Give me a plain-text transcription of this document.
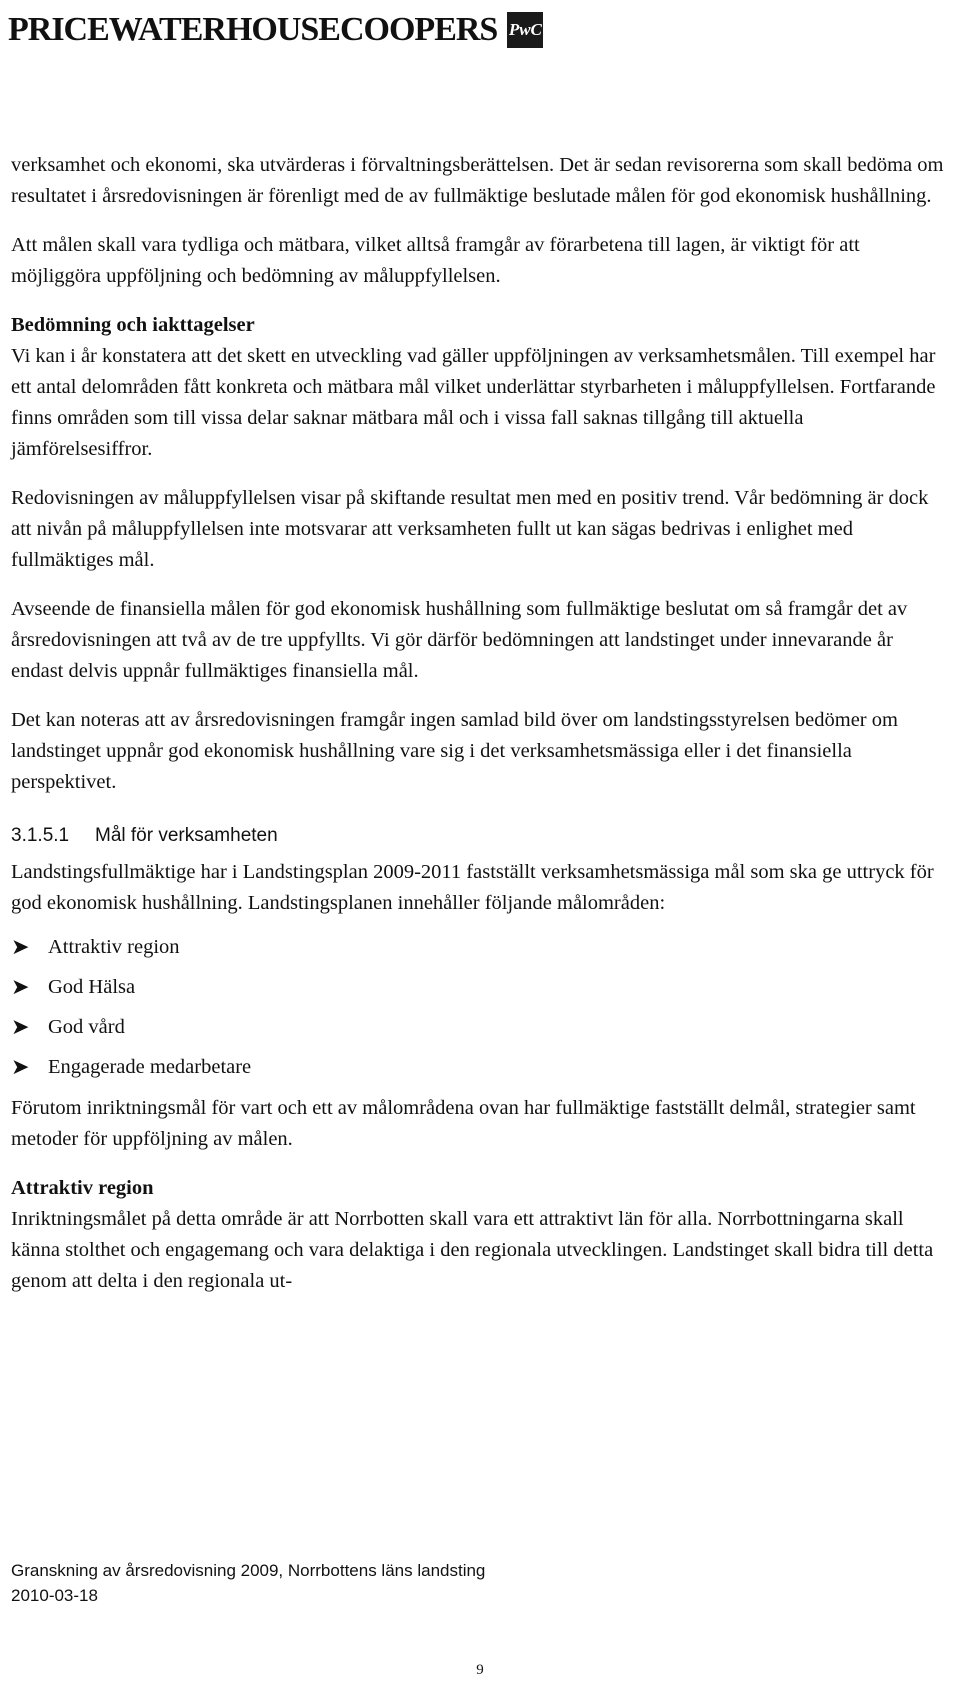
PRICEWATERHOUSECOOPERS PwC

verksamhet och ekonomi, ska utvärderas i förvaltningsberättelsen. Det är sedan revisorerna som skall bedöma om resultatet i årsredovisningen är förenligt med de av fullmäktige beslutade målen för god ekonomisk hushållning.

Att målen skall vara tydliga och mätbara, vilket alltså framgår av förarbetena till lagen, är viktigt för att möjliggöra uppföljning och bedömning av måluppfyllelsen.

Bedömning och iakttagelser

Vi kan i år konstatera att det skett en utveckling vad gäller uppföljningen av verksamhetsmålen. Till exempel har ett antal delområden fått konkreta och mätbara mål vilket underlättar styrbarheten i måluppfyllelsen. Fortfarande finns områden som till vissa delar saknar mätbara mål och i vissa fall saknas tillgång till aktuella jämförelsesiffror.

Redovisningen av måluppfyllelsen visar på skiftande resultat men med en positiv trend. Vår bedömning är dock att nivån på måluppfyllelsen inte motsvarar att verksamheten fullt ut kan sägas bedrivas i enlighet med fullmäktiges mål.

Avseende de finansiella målen för god ekonomisk hushållning som fullmäktige beslutat om så framgår det av årsredovisningen att två av de tre uppfyllts. Vi gör därför bedömningen att landstinget under innevarande år endast delvis uppnår fullmäktiges finansiella mål.

Det kan noteras att av årsredovisningen framgår ingen samlad bild över om landstingsstyrelsen bedömer om landstinget uppnår god ekonomisk hushållning vare sig i det verksamhetsmässiga eller i det finansiella perspektivet.

3.1.5.1 Mål för verksamheten

Landstingsfullmäktige har i Landstingsplan 2009-2011 fastställt verksamhetsmässiga mål som ska ge uttryck för god ekonomisk hushållning. Landstingsplanen innehåller följande målområden:

➤ Attraktiv region
➤ God Hälsa
➤ God vård
➤ Engagerade medarbetare

Förutom inriktningsmål för vart och ett av målområdena ovan har fullmäktige fastställt delmål, strategier samt metoder för uppföljning av målen.

Attraktiv region

Inriktningsmålet på detta område är att Norrbotten skall vara ett attraktivt län för alla. Norrbottningarna skall känna stolthet och engagemang och vara delaktiga i den regionala utvecklingen. Landstinget skall bidra till detta genom att delta i den regionala ut-

Granskning av årsredovisning 2009, Norrbottens läns landsting
2010-03-18
9
